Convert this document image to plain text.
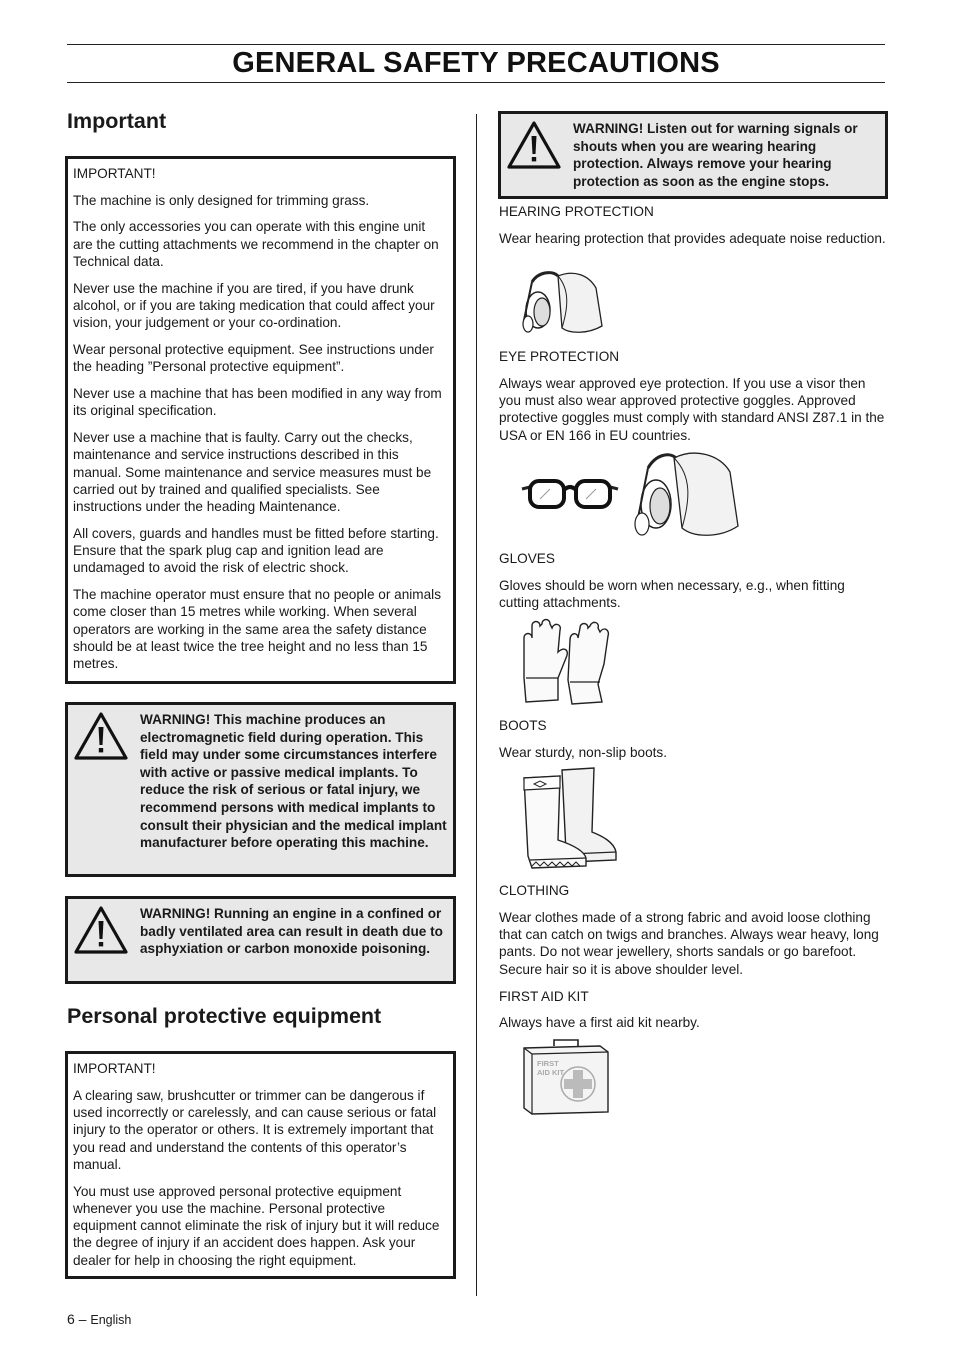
GENERAL SAFETY PRECAUTIONS
Important

IMPORTANT!

The machine is only designed for trimming grass.

The only accessories you can operate with this engine unit are the cutting attachments we recommend in the chapter on Technical data.

Never use the machine if you are tired, if you have drunk alcohol, or if you are taking medication that could affect your vision, your judgement or your co-ordination.

Wear personal protective equipment. See instructions under the heading ”Personal protective equipment”.

Never use a machine that has been modified in any way from its original specification.

Never use a machine that is faulty. Carry out the checks, maintenance and service instructions described in this manual. Some maintenance and service measures must be carried out by trained and qualified specialists. See instructions under the heading Maintenance.

All covers, guards and handles must be fitted before starting. Ensure that the spark plug cap and ignition lead are undamaged to avoid the risk of electric shock.

The machine operator must ensure that no people or animals come closer than 15 metres while working. When several operators are working in the same area the safety distance should be at least twice the tree height and no less than 15 metres.

WARNING! This machine produces an electromagnetic field during operation. This field may under some circumstances interfere with active or passive medical implants. To reduce the risk of serious or fatal injury, we recommend persons with medical implants to consult their physician and the medical implant manufacturer before operating this machine.
WARNING! Running an engine in a confined or badly ventilated area can result in death due to asphyxiation or carbon monoxide poisoning.
Personal protective equipment

IMPORTANT!

A clearing saw, brushcutter or trimmer can be dangerous if used incorrectly or carelessly, and can cause serious or fatal injury to the operator or others. It is extremely important that you read and understand the contents of this operator’s manual.

You must use approved personal protective equipment whenever you use the machine. Personal protective equipment cannot eliminate the risk of injury but it will reduce the degree of injury if an accident does happen. Ask your dealer for help in choosing the right equipment.

WARNING! Listen out for warning signals or shouts when you are wearing hearing protection. Always remove your hearing protection as soon as the engine stops.

HEARING PROTECTION

Wear hearing protection that provides adequate noise reduction.

EYE PROTECTION

Always wear approved eye protection. If you use a visor then you must also wear approved protective goggles. Approved protective goggles must comply with standard ANSI Z87.1 in the USA or EN 166 in EU countries.

GLOVES

Gloves should be worn when necessary, e.g., when fitting cutting attachments.

BOOTS

Wear sturdy, non-slip boots.

CLOTHING

Wear clothes made of a strong fabric and avoid loose clothing that can catch on twigs and branches. Always wear heavy, long pants. Do not wear jewellery, shorts sandals or go barefoot. Secure hair so it is above shoulder level.

FIRST AID KIT

Always have a first aid kit nearby.

FIRST AID KIT
6 – English
